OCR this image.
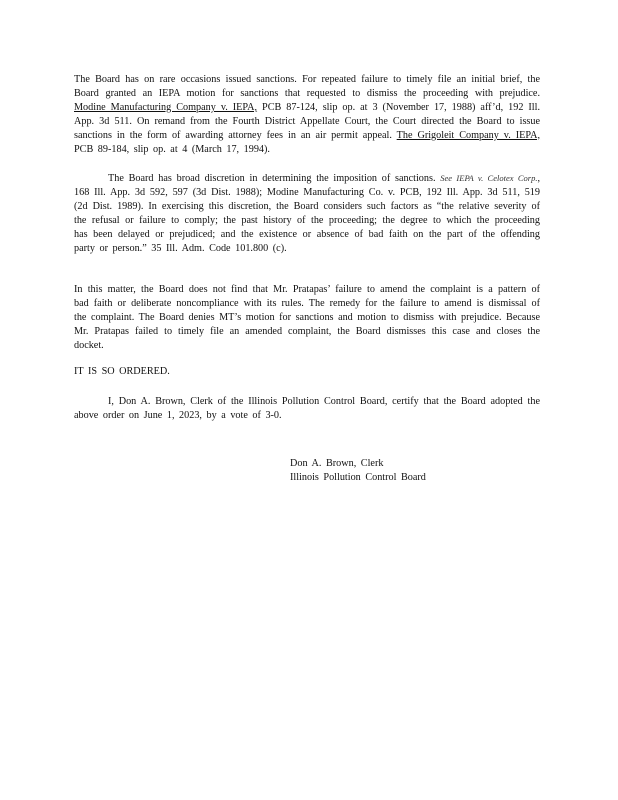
The Board has on rare occasions issued sanctions. For repeated failure to timely file an initial brief, the Board granted an IEPA motion for sanctions that requested to dismiss the proceeding with prejudice. Modine Manufacturing Company v. IEPA, PCB 87-124, slip op. at 3 (November 17, 1988) aff’d, 192 Ill. App. 3d 511. On remand from the Fourth District Appellate Court, the Court directed the Board to issue sanctions in the form of awarding attorney fees in an air permit appeal. The Grigoleit Company v. IEPA, PCB 89-184, slip op. at 4 (March 17, 1994).
The Board has broad discretion in determining the imposition of sanctions. See IEPA v. Celotex Corp., 168 Ill. App. 3d 592, 597 (3d Dist. 1988); Modine Manufacturing Co. v. PCB, 192 Ill. App. 3d 511, 519 (2d Dist. 1989). In exercising this discretion, the Board considers such factors as “the relative severity of the refusal or failure to comply; the past history of the proceeding; the degree to which the proceeding has been delayed or prejudiced; and the existence or absence of bad faith on the part of the offending party or person.” 35 Ill. Adm. Code 101.800 (c).
In this matter, the Board does not find that Mr. Pratapas’ failure to amend the complaint is a pattern of bad faith or deliberate noncompliance with its rules. The remedy for the failure to amend is dismissal of the complaint. The Board denies MT’s motion for sanctions and motion to dismiss with prejudice. Because Mr. Pratapas failed to timely file an amended complaint, the Board dismisses this case and closes the docket.
IT IS SO ORDERED.
I, Don A. Brown, Clerk of the Illinois Pollution Control Board, certify that the Board adopted the above order on June 1, 2023, by a vote of 3-0.
Don A. Brown, Clerk
Illinois Pollution Control Board
